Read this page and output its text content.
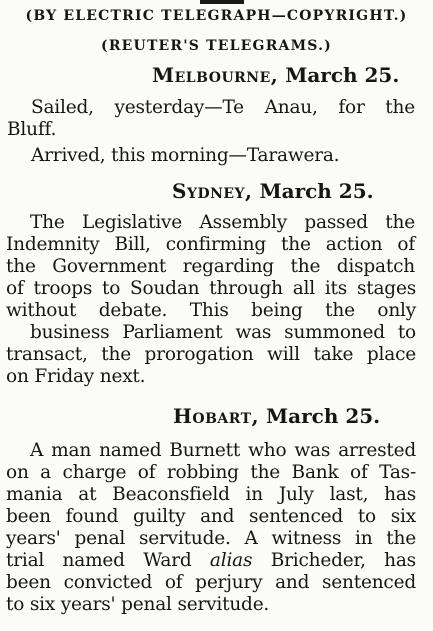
(BY ELECTRIC TELEGRAPH—COPYRIGHT.)
(REUTER'S TELEGRAMS.)
Melbourne, March 25.
Sailed, yesterday—Te Anau, for the
Bluff.
Arrived, this morning—Tarawera.
Sydney, March 25.
The Legislative Assembly passed the
Indemnity Bill, confirming the action of
the Government regarding the dispatch
of troops to Soudan through all its stages
without debate. This being the only
business Parliament was summoned to
transact, the prorogation will take place
on Friday next.
Hobart, March 25.
A man named Burnett who was arrested
on a charge of robbing the Bank of Tas-
mania at Beaconsfield in July last, has
been found guilty and sentenced to six
years' penal servitude. A witness in the
trial named Ward alias Bricheder, has
been convicted of perjury and sentenced
to six years' penal servitude.
